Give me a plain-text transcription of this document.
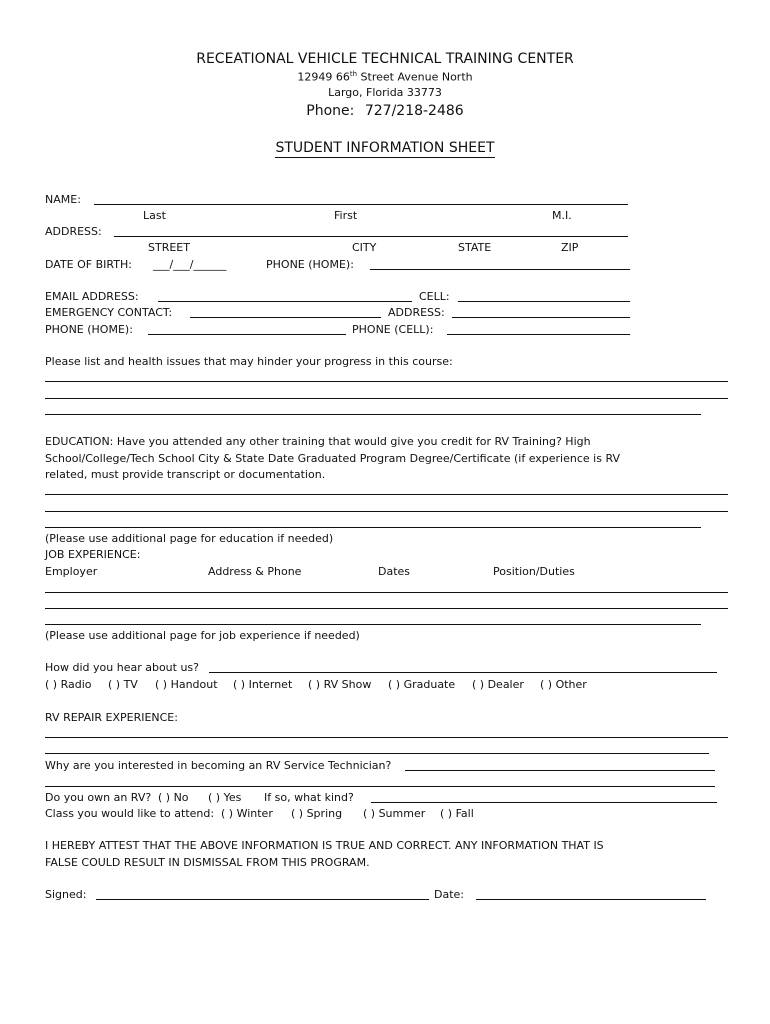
RECEATIONAL VEHICLE TECHNICAL TRAINING CENTER
12949 66th Street Avenue North
Largo, Florida 33773
Phone: 727/218-2486
STUDENT INFORMATION SHEET
NAME:
Last	First	M.I.
ADDRESS:
STREET	CITY	STATE	ZIP
DATE OF BIRTH: ___/___/______	PHONE (HOME):
EMAIL ADDRESS:	CELL:
EMERGENCY CONTACT:	ADDRESS:
PHONE (HOME):	PHONE (CELL):
Please list and health issues that may hinder your progress in this course:
EDUCATION: Have you attended any other training that would give you credit for RV Training? High
School/College/Tech School City & State Date Graduated Program Degree/Certificate (if experience is RV
related, must provide transcript or documentation.
(Please use additional page for education if needed)
JOB EXPERIENCE:
Employer	Address & Phone	Dates	Position/Duties
(Please use additional page for job experience if needed)
How did you hear about us?
( ) Radio ( ) TV ( ) Handout ( ) Internet ( ) RV Show ( ) Graduate ( ) Dealer ( ) Other
RV REPAIR EXPERIENCE:
Why are you interested in becoming an RV Service Technician?
Do you own an RV? ( ) No ( ) Yes If so, what kind?
Class you would like to attend: ( ) Winter ( ) Spring ( ) Summer ( ) Fall
I HEREBY ATTEST THAT THE ABOVE INFORMATION IS TRUE AND CORRECT. ANY INFORMATION THAT IS
FALSE COULD RESULT IN DISMISSAL FROM THIS PROGRAM.
Signed:	Date:
